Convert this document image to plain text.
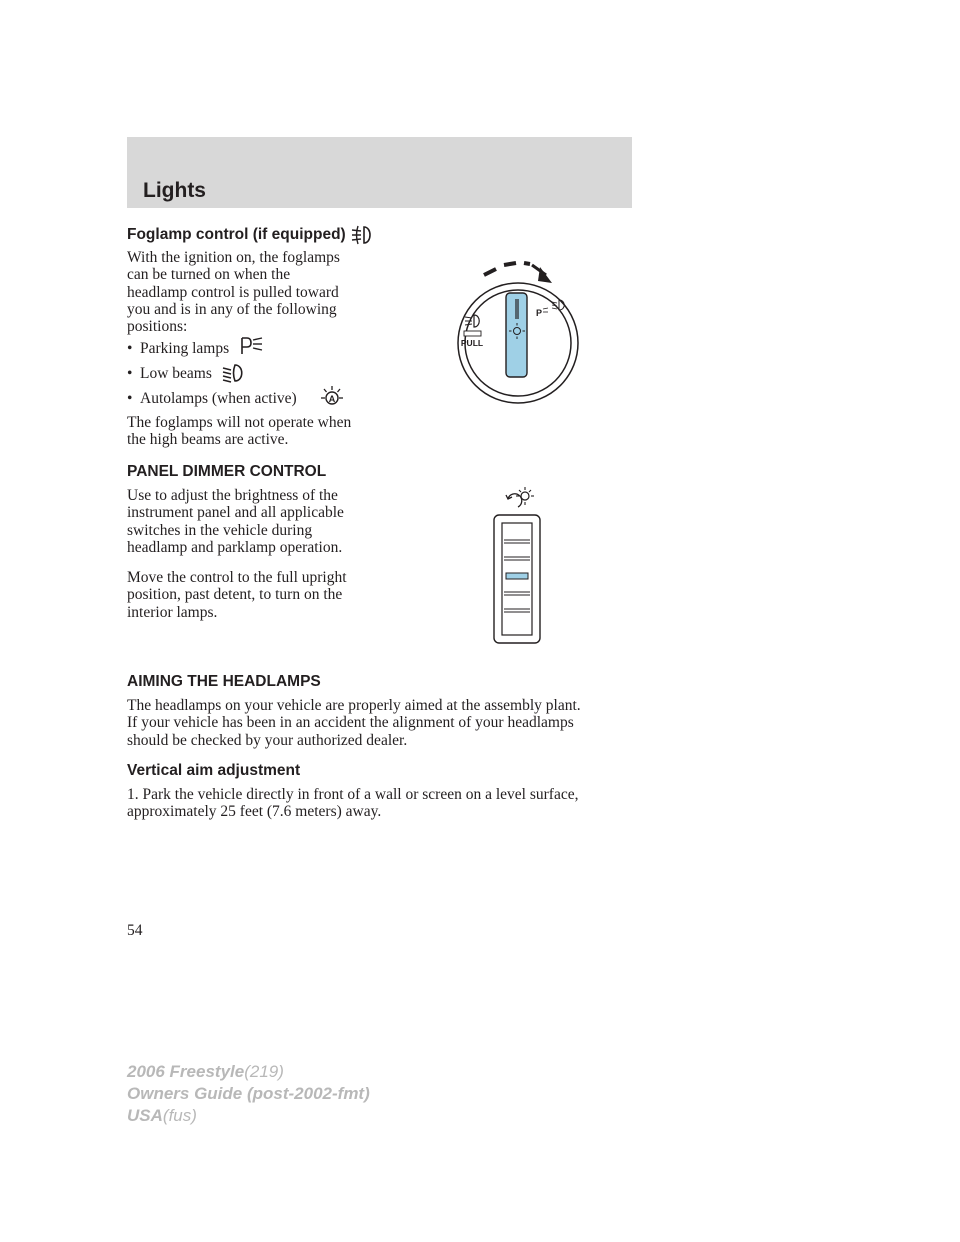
Lights
Foglamp control (if equipped)
With the ignition on, the foglamps
can be turned on when the
headlamp control is pulled toward
you and is in any of the following
positions:
• Parking lamps
• Low beams
• Autolamps (when active)	A
The foglamps will not operate when
the high beams are active.
P
PULL
PANEL DIMMER CONTROL
Use to adjust the brightness of the
instrument panel and all applicable
switches in the vehicle during
headlamp and parklamp operation.
Move the control to the full upright
position, past detent, to turn on the
interior lamps.
AIMING THE HEADLAMPS
The headlamps on your vehicle are properly aimed at the assembly plant.
If your vehicle has been in an accident the alignment of your headlamps
should be checked by your authorized dealer.
Vertical aim adjustment
1. Park the vehicle directly in front of a wall or screen on a level surface,
approximately 25 feet (7.6 meters) away.
54
2006 Freestyle(219)
Owners Guide (post-2002-fmt)
USA(fus)
